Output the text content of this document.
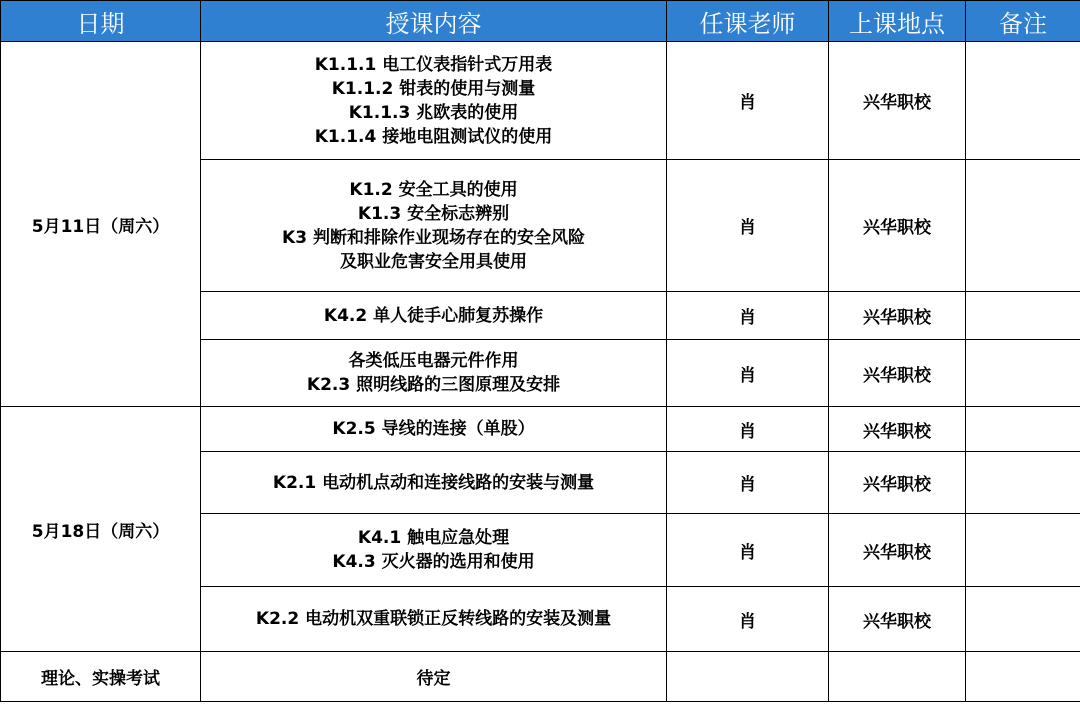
日期	授课内容	任课老师	上课地点	备注
5月11日（周六）	K1.1.1 电工仪表指针式万用表
K1.1.2 钳表的使用与测量
K1.1.3 兆欧表的使用
K1.1.4 接地电阻测试仪的使用	肖	兴华职校	

	K1.2 安全工具的使用
K1.3 安全标志辨别
K3 判断和排除作业现场存在的安全风险
及职业危害安全用具使用	肖	兴华职校	

	K4.2 单人徒手心肺复苏操作	肖	兴华职校	

	各类低压电器元件作用
K2.3 照明线路的三图原理及安排	肖	兴华职校	
5月18日（周六）	K2.5 导线的连接（单股）	肖	兴华职校	

	K2.1 电动机点动和连接线路的安装与测量	肖	兴华职校	

	K4.1 触电应急处理
K4.3 灭火器的选用和使用	肖	兴华职校	

	K2.2 电动机双重联锁正反转线路的安装及测量	肖	兴华职校	
理论、实操考试	待定			
